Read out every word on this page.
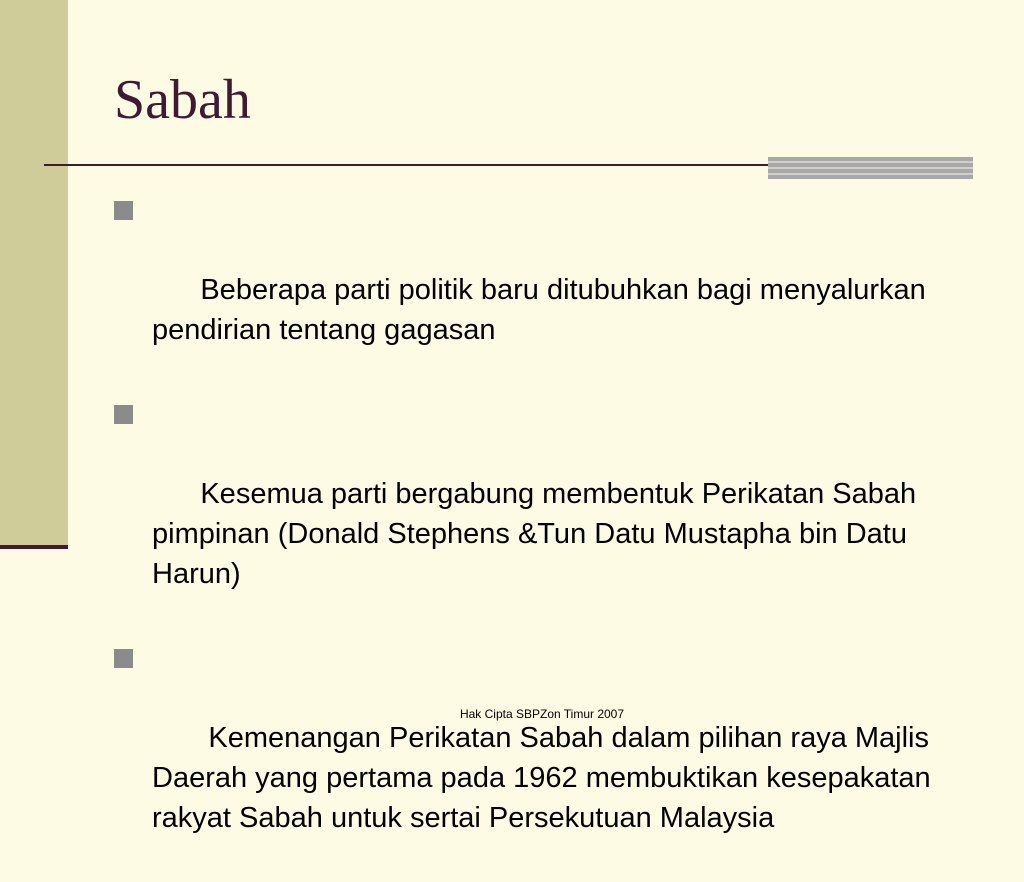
Sabah

Beberapa parti politik baru ditubuhkan bagi menyalurkan pendirian tentang gagasan

Kesemua parti bergabung membentuk Perikatan Sabah pimpinan (Donald Stephens &Tun Datu Mustapha bin Datu Harun)

Kemenangan Perikatan Sabah dalam pilihan raya Majlis Daerah yang pertama pada 1962 membuktikan kesepakatan rakyat Sabah untuk sertai Persekutuan Malaysia

Hak Cipta SBPZon Timur 2007
